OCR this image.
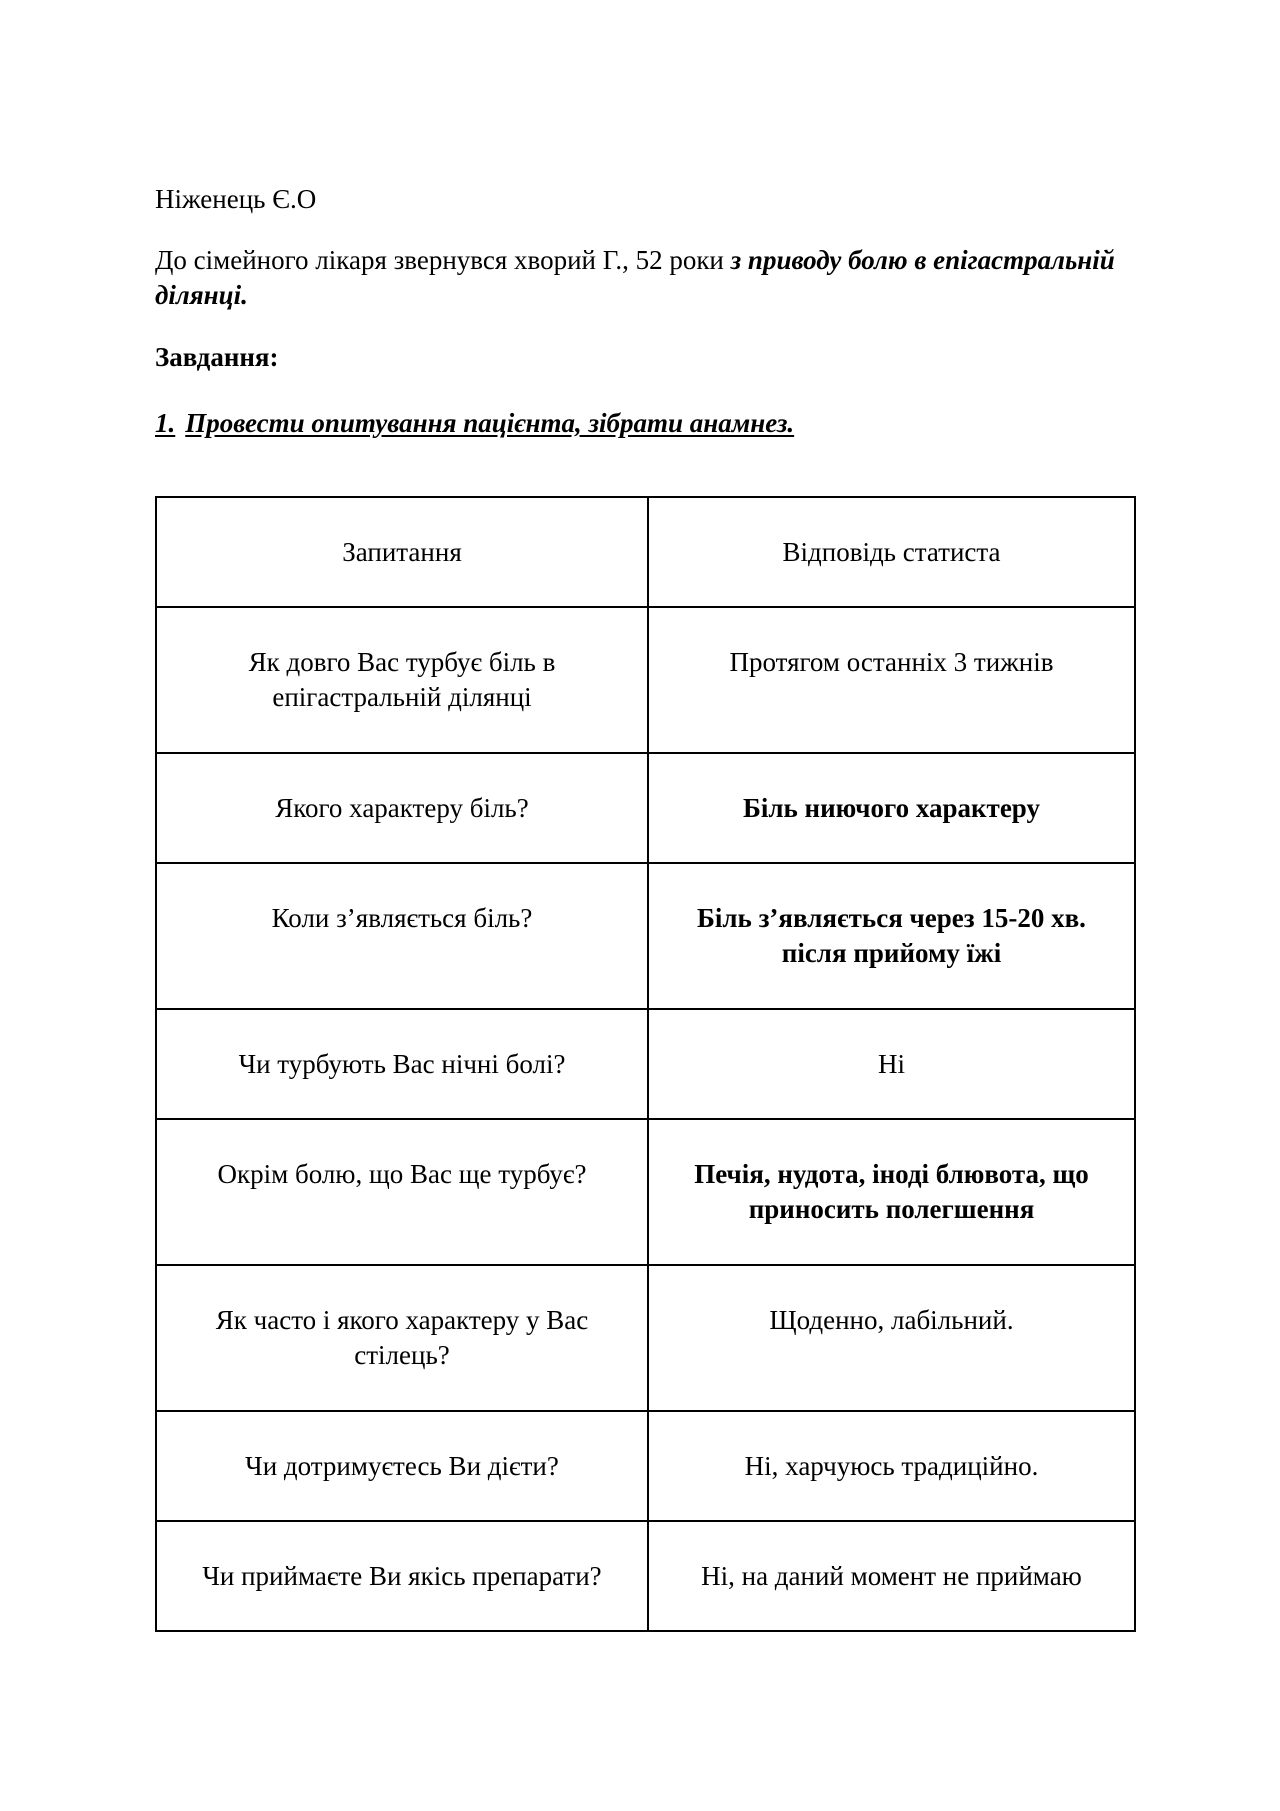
Ніженець Є.О
До сімейного лікаря звернувся хворий Г., 52 роки з приводу болю в епігастральній ділянці.
Завдання:
1. Провести опитування пацієнта, зібрати анамнез.
Запитання	Відповідь статиста
Як довго Вас турбує біль в епігастральній ділянці	Протягом останніх 3 тижнів
Якого характеру біль?	Біль ниючого характеру
Коли з’являється біль?	Біль з’являється через 15-20 хв. після прийому їжі
Чи турбують Вас нічні болі?	Ні
Окрім болю, що Вас ще турбує?	Печія, нудота, іноді блювота, що приносить полегшення
Як часто і якого характеру у Вас стілець?	Щоденно, лабільний.
Чи дотримуєтесь Ви дієти?	Ні, харчуюсь традиційно.
Чи приймаєте Ви якісь препарати?	Ні, на даний момент не приймаю
